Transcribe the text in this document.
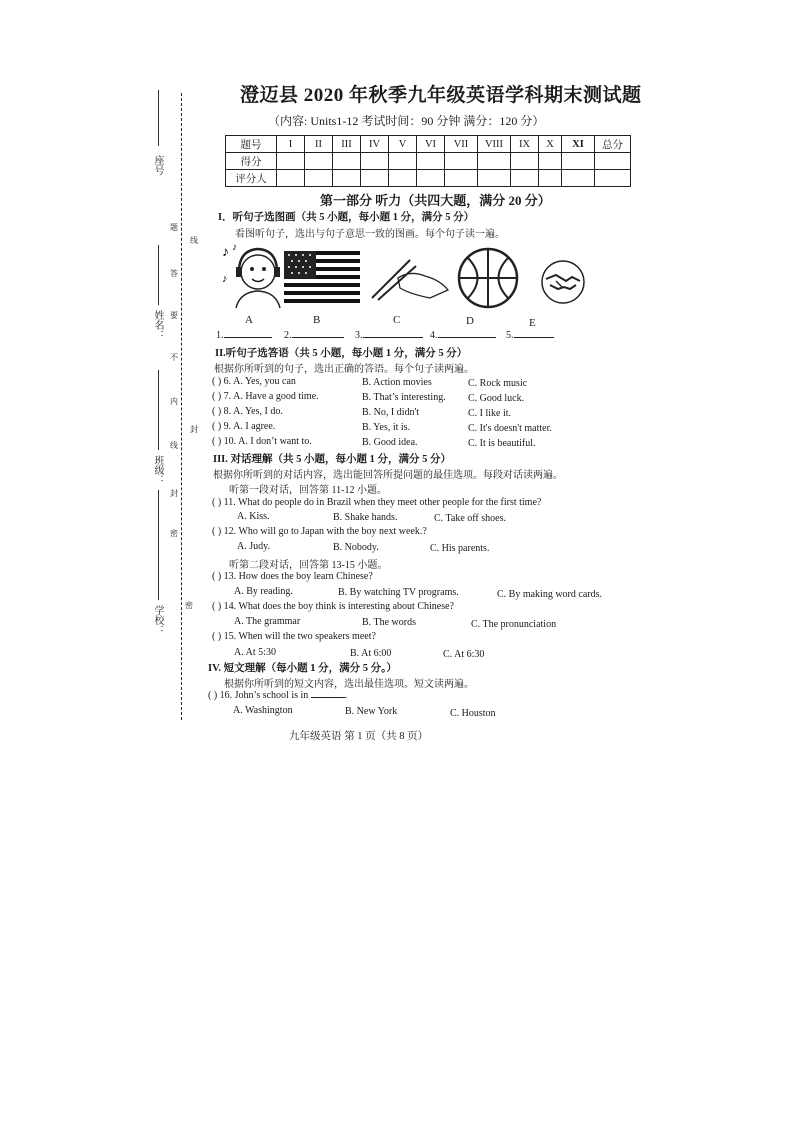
座号
姓名：
班级：
学校：
题
线
答
要
不
内
封
线
封
密
密
澄迈县 2020 年秋季九年级英语学科期末测试题
（内容: Units1-12 考试时间：90 分钟 满分：120 分）
题号	I	II	III	IV	V	VI	VII	VIII	IX	X	XI	总分
得分												
评分人												
第一部分 听力（共四大题，满分 20 分）
I．听句子选图画（共 5 小题，每小题 1 分，满分 5 分）
看图听句子，选出与句子意思一致的图画。每个句子读一遍。
♪ ♪
♪
A	B	C	D	E
1.	2.	3.	4.	5.
II.听句子选答语（共 5 小题，每小题 1 分，满分 5 分）
根据你所听到的句子，选出正确的答语。每个句子读两遍。
( ) 6. A. Yes, you can	B. Action movies	C. Rock music
( ) 7. A. Have a good time.	B. That’s interesting. C. Good luck.
( ) 8. A. Yes, I do.	B. No, I didn't	C. I like it.
( ) 9. A. I agree.	B. Yes, it is.	C. It's doesn't matter.
( ) 10. A. I don’t want to.	B. Good idea.	C. It is beautiful.
III. 对话理解（共 5 小题，每小题 1 分，满分 5 分）
根据你所听到的对话内容，选出能回答所提问题的最佳选项。每段对话读两遍。
听第一段对话，回答第 11-12 小题。
( ) 11. What do people do in Brazil when they meet other people for the first time?
A. Kiss.	B. Shake hands.	C. Take off shoes.
( ) 12. Who will go to Japan with the boy next week.?
A. Judy.	B. Nobody.	C. His parents.
听第二段对话，回答第 13-15 小题。
( ) 13. How does the boy learn Chinese?
A. By reading.	B. By watching TV programs.	C. By making word cards.
( ) 14. What does the boy think is interesting about Chinese?
A. The grammar	B. The words	C. The pronunciation
( ) 15. When will the two speakers meet?
A. At 5:30	B. At 6:00	C. At 6:30
IV. 短文理解（每小题 1 分，满分 5 分。）
根据你所听到的短文内容，选出最佳选项。短文读两遍。
( ) 16. John’s school is in	.
A. Washington	B. New York	C. Houston
九年级英语 第 1 页（共 8 页）
